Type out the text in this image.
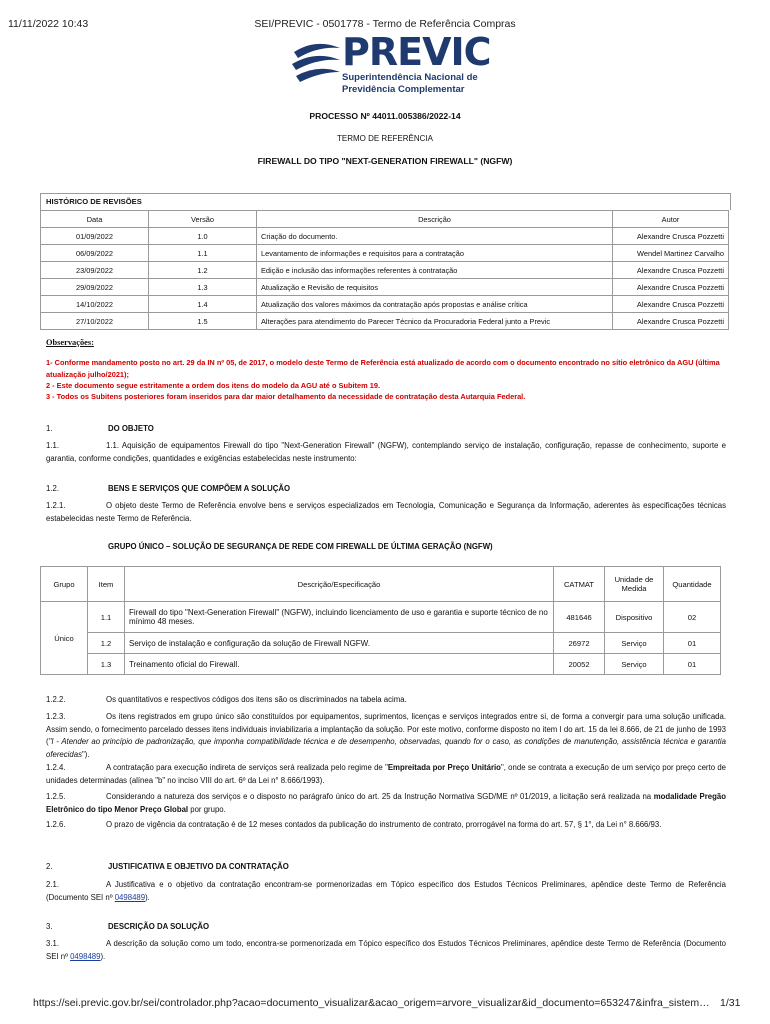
11/11/2022 10:43	SEI/PREVIC - 0501778 - Termo de Referência Compras
PREVIC
Superintendência Nacional de
Previdência Complementar
PROCESSO Nº 44011.005386/2022-14
TERMO DE REFERÊNCIA
FIREWALL DO TIPO "NEXT-GENERATION FIREWALL" (NGFW)
HISTÓRICO DE REVISÕES
Data	Versão	Descrição	Autor
01/09/2022	1.0	Criação do documento.	Alexandre Crusca Pozzetti
06/09/2022	1.1	Levantamento de informações e requisitos para a contratação	Wendel Martinez Carvalho
23/09/2022	1.2	Edição e inclusão das informações referentes à contratação	Alexandre Crusca Pozzetti
29/09/2022	1.3	Atualização e Revisão de requisitos	Alexandre Crusca Pozzetti
14/10/2022	1.4	Atualização dos valores máximos da contratação após propostas e análise crítica	Alexandre Crusca Pozzetti
27/10/2022	1.5	Alterações para atendimento do Parecer Técnico da Procuradoria Federal junto a Previc	Alexandre Crusca Pozzetti
Observações:
1- Conforme mandamento posto no art. 29 da IN nº 05, de 2017, o modelo deste Termo de Referência está atualizado de acordo com o documento encontrado no sítio eletrônico da AGU (última atualização julho/2021);
2 - Este documento segue estritamente a ordem dos itens do modelo da AGU até o Subitem 19.
3 - Todos os Subitens posteriores foram inseridos para dar maior detalhamento da necessidade de contratação desta Autarquia Federal.
1.	DO OBJETO
1.1.	1.1. Aquisição de equipamentos Firewall do tipo "Next-Generation Firewall" (NGFW), contemplando serviço de instalação, configuração, repasse de conhecimento, suporte e garantia, conforme condições, quantidades e exigências estabelecidas neste instrumento:
1.2.	BENS E SERVIÇOS QUE COMPÕEM A SOLUÇÃO
1.2.1.	O objeto deste Termo de Referência envolve bens e serviços especializados em Tecnologia, Comunicação e Segurança da Informação, aderentes às especificações técnicas estabelecidas neste Termo de Referência.
GRUPO ÚNICO – SOLUÇÃO DE SEGURANÇA DE REDE COM FIREWALL DE ÚLTIMA GERAÇÃO (NGFW)
Grupo	Item	Descrição/Especificação	CATMAT	Unidade de Medida	Quantidade
Único	1.1	Firewall do tipo "Next-Generation Firewall" (NGFW), incluindo licenciamento de uso e garantia e suporte técnico de no mínimo 48 meses.	481646	Dispositivo	02
	1.2	Serviço de instalação e configuração da solução de Firewall NGFW.	26972	Serviço	01
	1.3	Treinamento oficial do Firewall.	20052	Serviço	01
1.2.2.	Os quantitativos e respectivos códigos dos itens são os discriminados na tabela acima.
1.2.3.	Os itens registrados em grupo único são constituídos por equipamentos, suprimentos, licenças e serviços integrados entre si, de forma a convergir para uma solução unificada. Assim sendo, o fornecimento parcelado desses itens individuais inviabilizaria a implantação da solução. Por este motivo, conforme disposto no item I do art. 15 da lei 8.666, de 21 de junho de 1993 ("I - Atender ao princípio de padronização, que imponha compatibilidade técnica e de desempenho, observadas, quando for o caso, as condições de manutenção, assistência técnica e garantia oferecidas").
1.2.4.	A contratação para execução indireta de serviços será realizada pelo regime de "Empreitada por Preço Unitário", onde se contrata a execução de um serviço por preço certo de unidades determinadas (alínea "b" no inciso VIII do art. 6º da Lei n° 8.666/1993).
1.2.5.	Considerando a natureza dos serviços e o disposto no parágrafo único do art. 25 da Instrução Normativa SGD/ME nº 01/2019, a licitação será realizada na modalidade Pregão Eletrônico do tipo Menor Preço Global por grupo.
1.2.6.	O prazo de vigência da contratação é de 12 meses contados da publicação do instrumento de contrato, prorrogável na forma do art. 57, § 1°, da Lei n° 8.666/93.
2.	JUSTIFICATIVA E OBJETIVO DA CONTRATAÇÃO
2.1.	A Justificativa e o objetivo da contratação encontram-se pormenorizadas em Tópico específico dos Estudos Técnicos Preliminares, apêndice deste Termo de Referência (Documento SEI nº 0498489).
3.	DESCRIÇÃO DA SOLUÇÃO
3.1.	A descrição da solução como um todo, encontra-se pormenorizada em Tópico específico dos Estudos Técnicos Preliminares, apêndice deste Termo de Referência (Documento SEI nº 0498489).
https://sei.previc.gov.br/sei/controlador.php?acao=documento_visualizar&acao_origem=arvore_visualizar&id_documento=653247&infra_sistem… 1/31
